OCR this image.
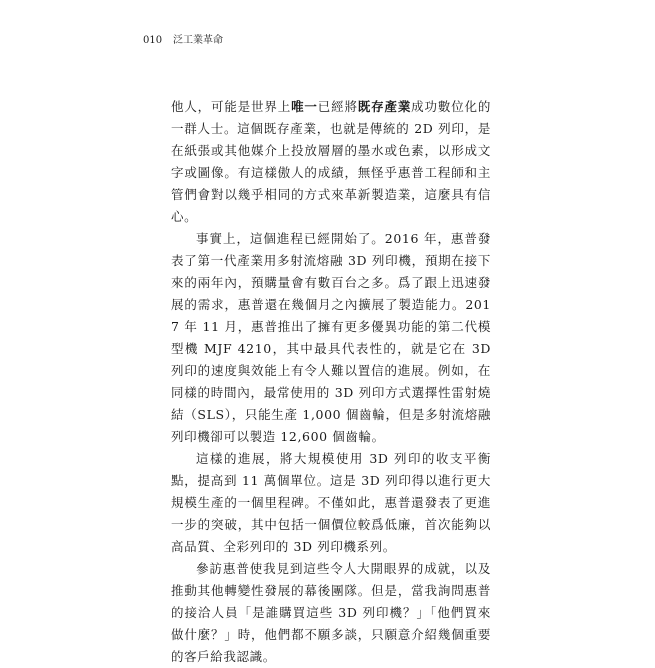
010 泛工業革命

他人，可能是世界上唯一已經將既存產業成功數位化的一群人士。這個既存產業，也就是傳統的 2D 列印，是在紙張或其他媒介上投放層層的墨水或色素，以形成文字或圖像。有這樣傲人的成績，無怪乎惠普工程師和主管們會對以幾乎相同的方式來革新製造業，這麼具有信心。

事實上，這個進程已經開始了。2016 年，惠普發表了第一代產業用多射流熔融 3D 列印機，預期在接下來的兩年內，預購量會有數百台之多。爲了跟上迅速發展的需求，惠普還在幾個月之內擴展了製造能力。2017 年 11 月，惠普推出了擁有更多優異功能的第二代模型機 MJF 4210，其中最具代表性的，就是它在 3D 列印的速度與效能上有令人難以置信的進展。例如，在同樣的時間內，最常使用的 3D 列印方式選擇性雷射燒結（SLS），只能生產 1,000 個齒輪，但是多射流熔融列印機卻可以製造 12,600 個齒輪。

這樣的進展，將大規模使用 3D 列印的收支平衡點，提高到 11 萬個單位。這是 3D 列印得以進行更大規模生產的一個里程碑。不僅如此，惠普還發表了更進一步的突破，其中包括一個價位較爲低廉，首次能夠以高品質、全彩列印的 3D 列印機系列。

參訪惠普使我見到這些令人大開眼界的成就，以及推動其他轉變性發展的幕後團隊。但是，當我詢問惠普的接洽人員「是誰購買這些 3D 列印機？」「他們買來做什麼？」時，他們都不願多談，只願意介紹幾個重要的客戶給我認識。
